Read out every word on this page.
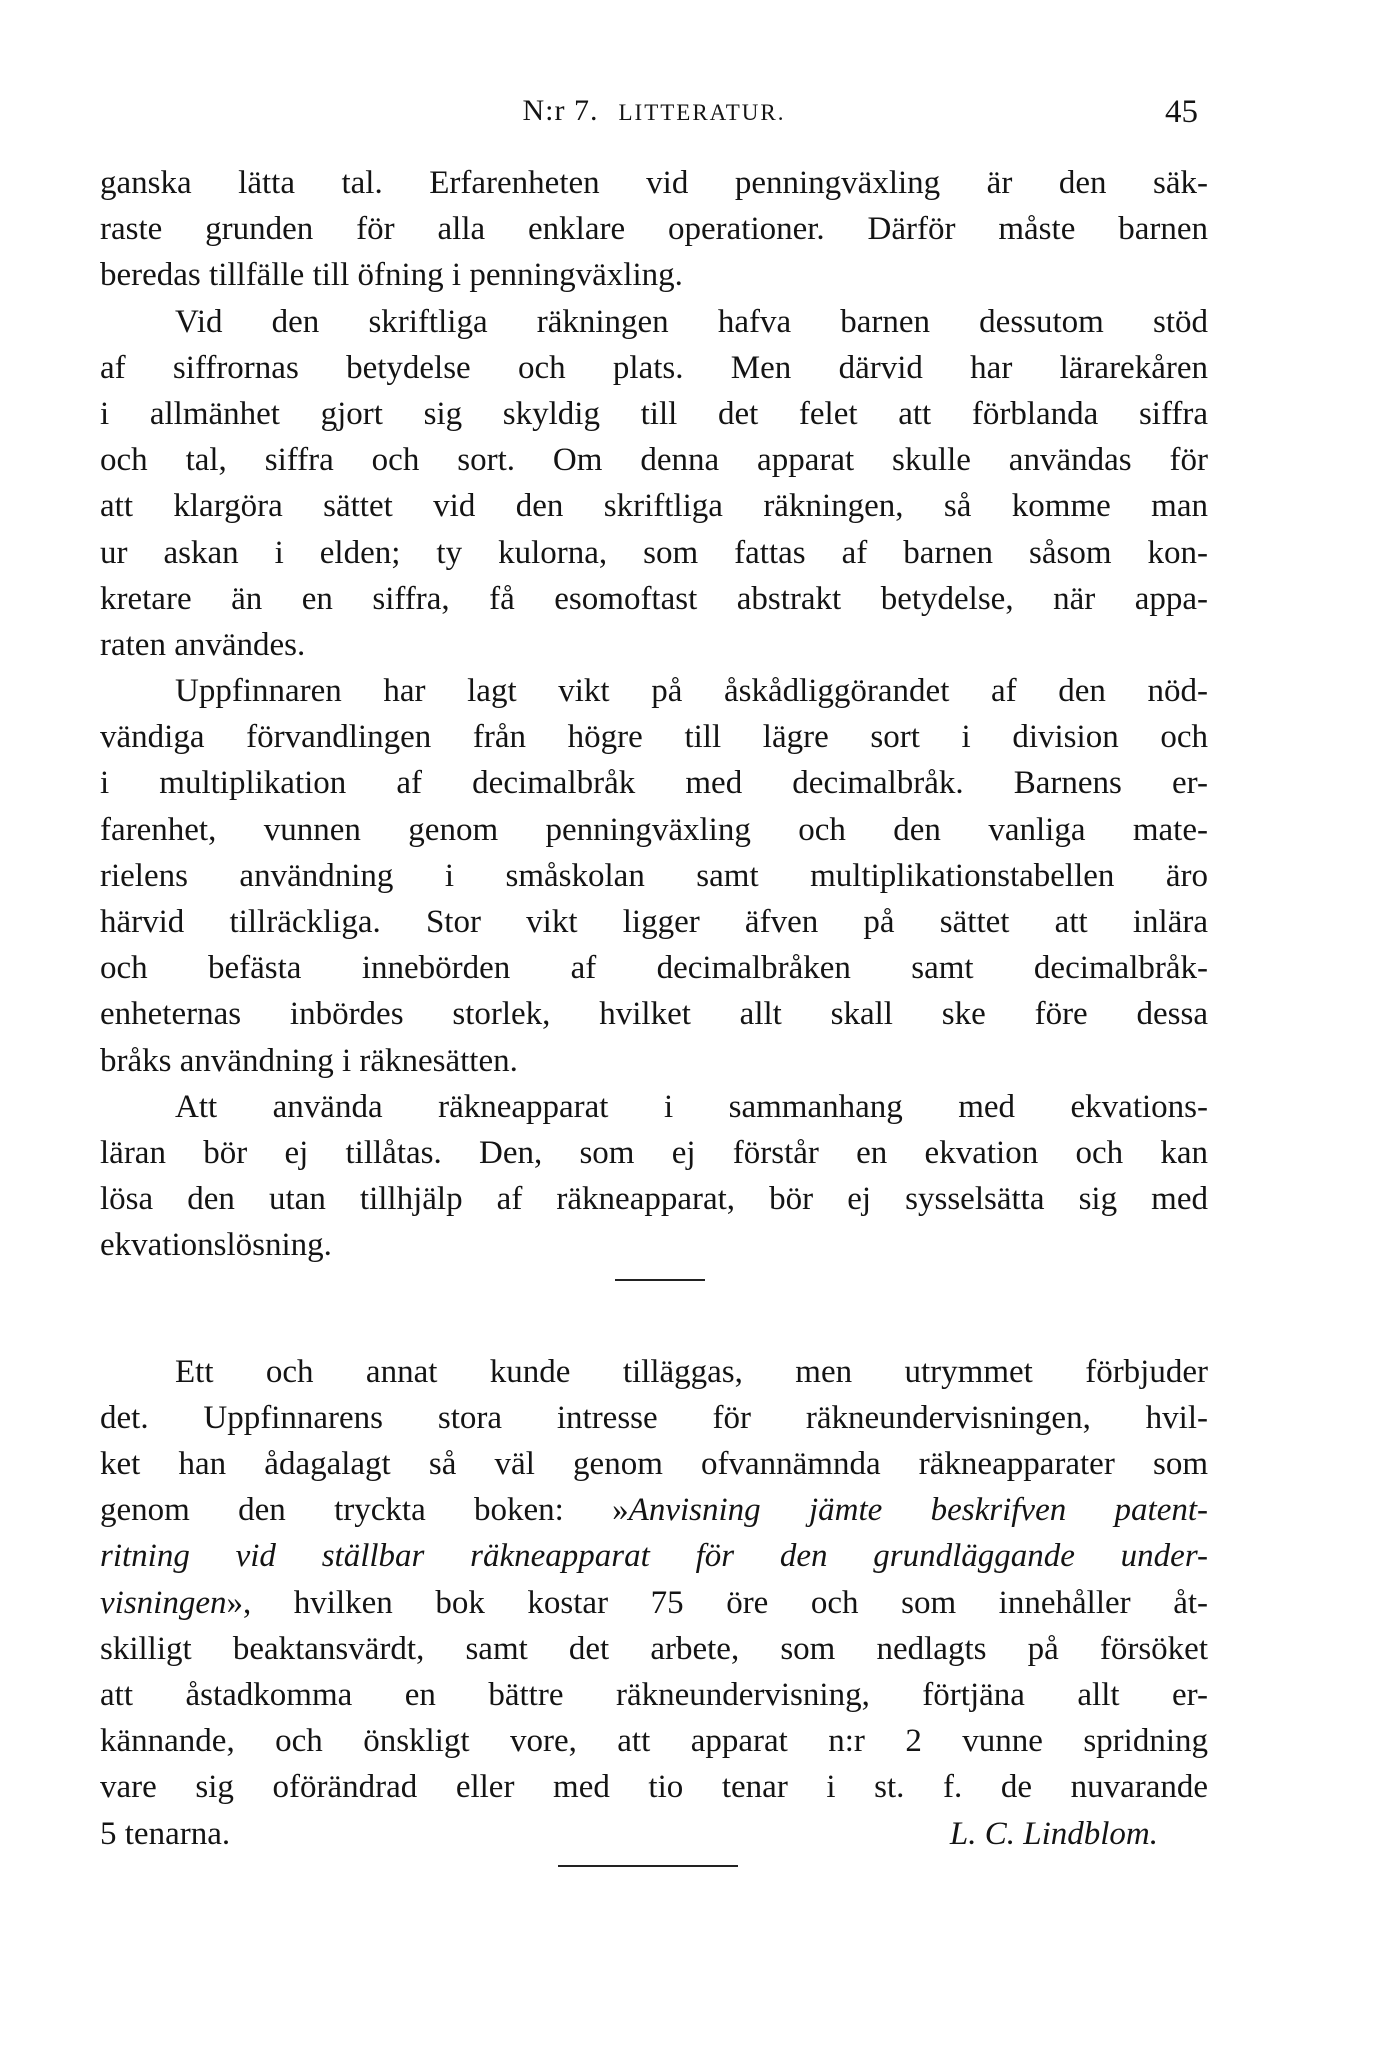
N:r 7. LITTERATUR.	45
ganska lätta tal. Erfarenheten vid penningväxling är den säk-
raste grunden för alla enklare operationer. Därför måste barnen
beredas tillfälle till öfning i penningväxling.
Vid den skriftliga räkningen hafva barnen dessutom stöd
af siffrornas betydelse och plats. Men därvid har lärarekåren
i allmänhet gjort sig skyldig till det felet att förblanda siffra
och tal, siffra och sort. Om denna apparat skulle användas för
att klargöra sättet vid den skriftliga räkningen, så komme man
ur askan i elden; ty kulorna, som fattas af barnen såsom kon-
kretare än en siffra, få esomoftast abstrakt betydelse, när appa-
raten användes.
Uppfinnaren har lagt vikt på åskådliggörandet af den nöd-
vändiga förvandlingen från högre till lägre sort i division och
i multiplikation af decimalbråk med decimalbråk. Barnens er-
farenhet, vunnen genom penningväxling och den vanliga mate-
rielens användning i småskolan samt multiplikationstabellen äro
härvid tillräckliga. Stor vikt ligger äfven på sättet att inlära
och befästa innebörden af decimalbråken samt decimalbråk-
enheternas inbördes storlek, hvilket allt skall ske före dessa
bråks användning i räknesätten.
Att använda räkneapparat i sammanhang med ekvations-
läran bör ej tillåtas. Den, som ej förstår en ekvation och kan
lösa den utan tillhjälp af räkneapparat, bör ej sysselsätta sig med
ekvationslösning.
Ett och annat kunde tilläggas, men utrymmet förbjuder
det. Uppfinnarens stora intresse för räkneundervisningen, hvil-
ket han ådagalagt så väl genom ofvannämnda räkneapparater som
genom den tryckta boken: »Anvisning jämte beskrifven patent-
ritning vid ställbar räkneapparat för den grundläggande under-
visningen», hvilken bok kostar 75 öre och som innehåller åt-
skilligt beaktansvärdt, samt det arbete, som nedlagts på försöket
att åstadkomma en bättre räkneundervisning, förtjäna allt er-
kännande, och önskligt vore, att apparat n:r 2 vunne spridning
vare sig oförändrad eller med tio tenar i st. f. de nuvarande
5 tenarna.	L. C. Lindblom.
